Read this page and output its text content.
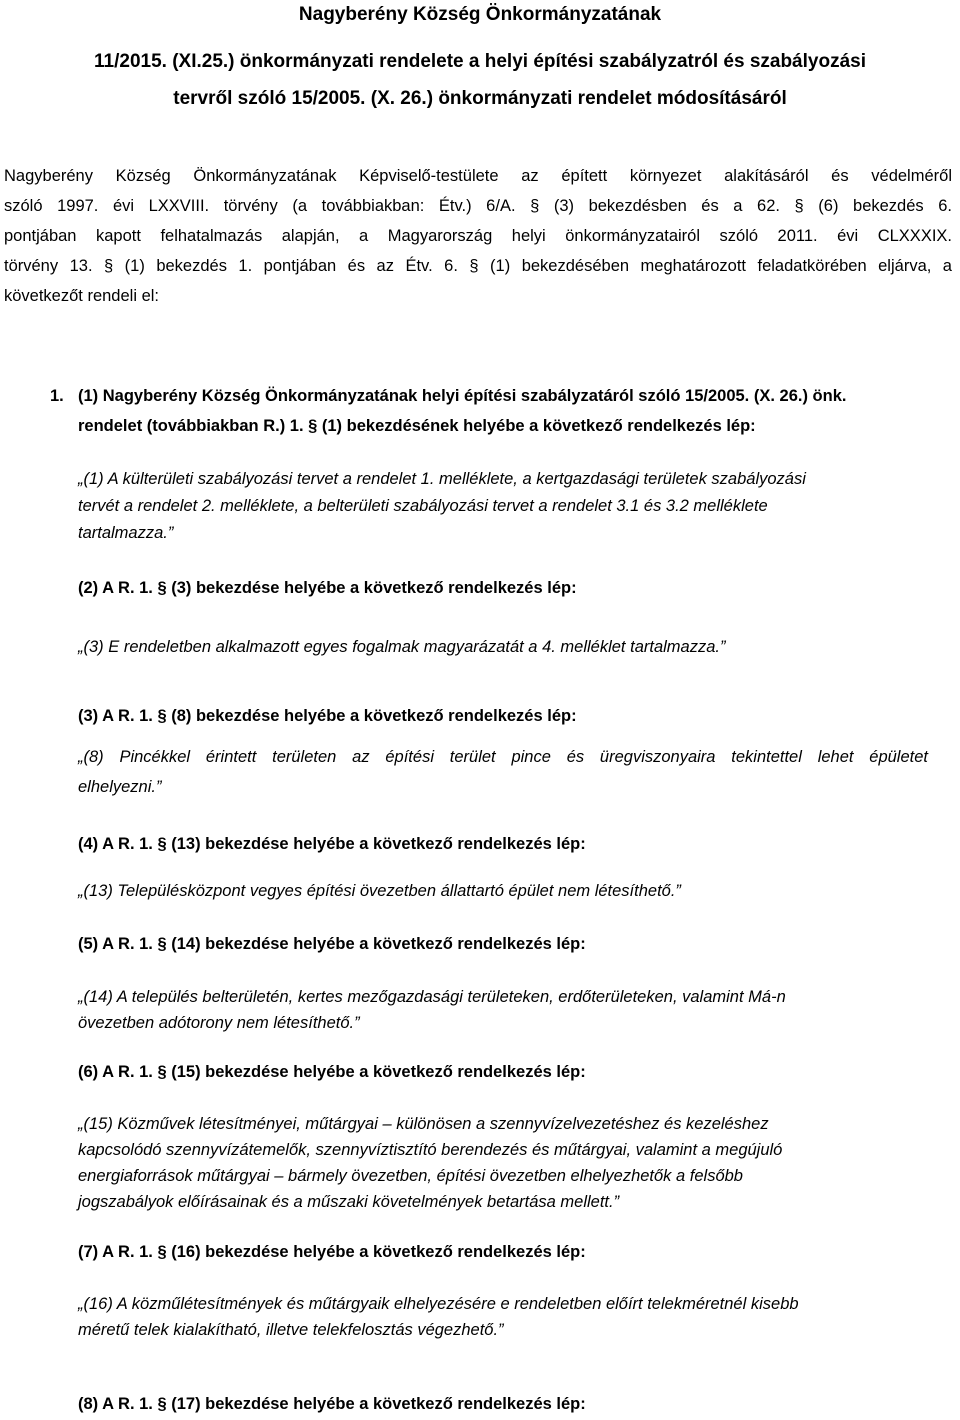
Nagyberény Község Önkormányzatának
11/2015. (XI.25.) önkormányzati rendelete a helyi építési szabályzatról és szabályozási
tervről szóló 15/2005. (X. 26.) önkormányzati rendelet módosításáról
Nagyberény Község Önkormányzatának Képviselő-testülete az épített környezet alakításáról és védelméről
szóló 1997. évi LXXVIII. törvény (a továbbiakban: Étv.) 6/A. § (3) bekezdésben és a 62. § (6) bekezdés 6.
pontjában kapott felhatalmazás alapján, a Magyarország helyi önkormányzatairól szóló 2011. évi CLXXXIX.
törvény 13. § (1) bekezdés 1. pontjában és az Étv. 6. § (1) bekezdésében meghatározott feladatkörében eljárva, a
következőt rendeli el:
1. (1) Nagyberény Község Önkormányzatának helyi építési szabályzatáról szóló 15/2005. (X. 26.) önk.
rendelet (továbbiakban R.) 1. § (1) bekezdésének helyébe a következő rendelkezés lép:
„(1) A külterületi szabályozási tervet a rendelet 1. melléklete, a kertgazdasági területek szabályozási
tervét a rendelet 2. melléklete, a belterületi szabályozási tervet a rendelet 3.1 és 3.2 melléklete
tartalmazza.”
(2) A R. 1. § (3) bekezdése helyébe a következő rendelkezés lép:
„(3) E rendeletben alkalmazott egyes fogalmak magyarázatát a 4. melléklet tartalmazza.”
(3) A R. 1. § (8) bekezdése helyébe a következő rendelkezés lép:
„(8) Pincékkel érintett területen az építési terület pince és üregviszonyaira tekintettel lehet épületet
elhelyezni.”
(4) A R. 1. § (13) bekezdése helyébe a következő rendelkezés lép:
„(13) Településközpont vegyes építési övezetben állattartó épület nem létesíthető.”
(5) A R. 1. § (14) bekezdése helyébe a következő rendelkezés lép:
„(14) A település belterületén, kertes mezőgazdasági területeken, erdőterületeken, valamint Má-n
övezetben adótorony nem létesíthető.”
(6) A R. 1. § (15) bekezdése helyébe a következő rendelkezés lép:
„(15) Közművek létesítményei, műtárgyai – különösen a szennyvízelvezetéshez és kezeléshez
kapcsolódó szennyvízátemelők, szennyvíztisztító berendezés és műtárgyai, valamint a megújuló
energiaforrások műtárgyai – bármely övezetben, építési övezetben elhelyezhetők a felsőbb
jogszabályok előírásainak és a műszaki követelmények betartása mellett.”
(7) A R. 1. § (16) bekezdése helyébe a következő rendelkezés lép:
„(16) A közműlétesítmények és műtárgyaik elhelyezésére e rendeletben előírt telekméretnél kisebb
méretű telek kialakítható, illetve telekfelosztás végezhető.”
(8) A R. 1. § (17) bekezdése helyébe a következő rendelkezés lép:
